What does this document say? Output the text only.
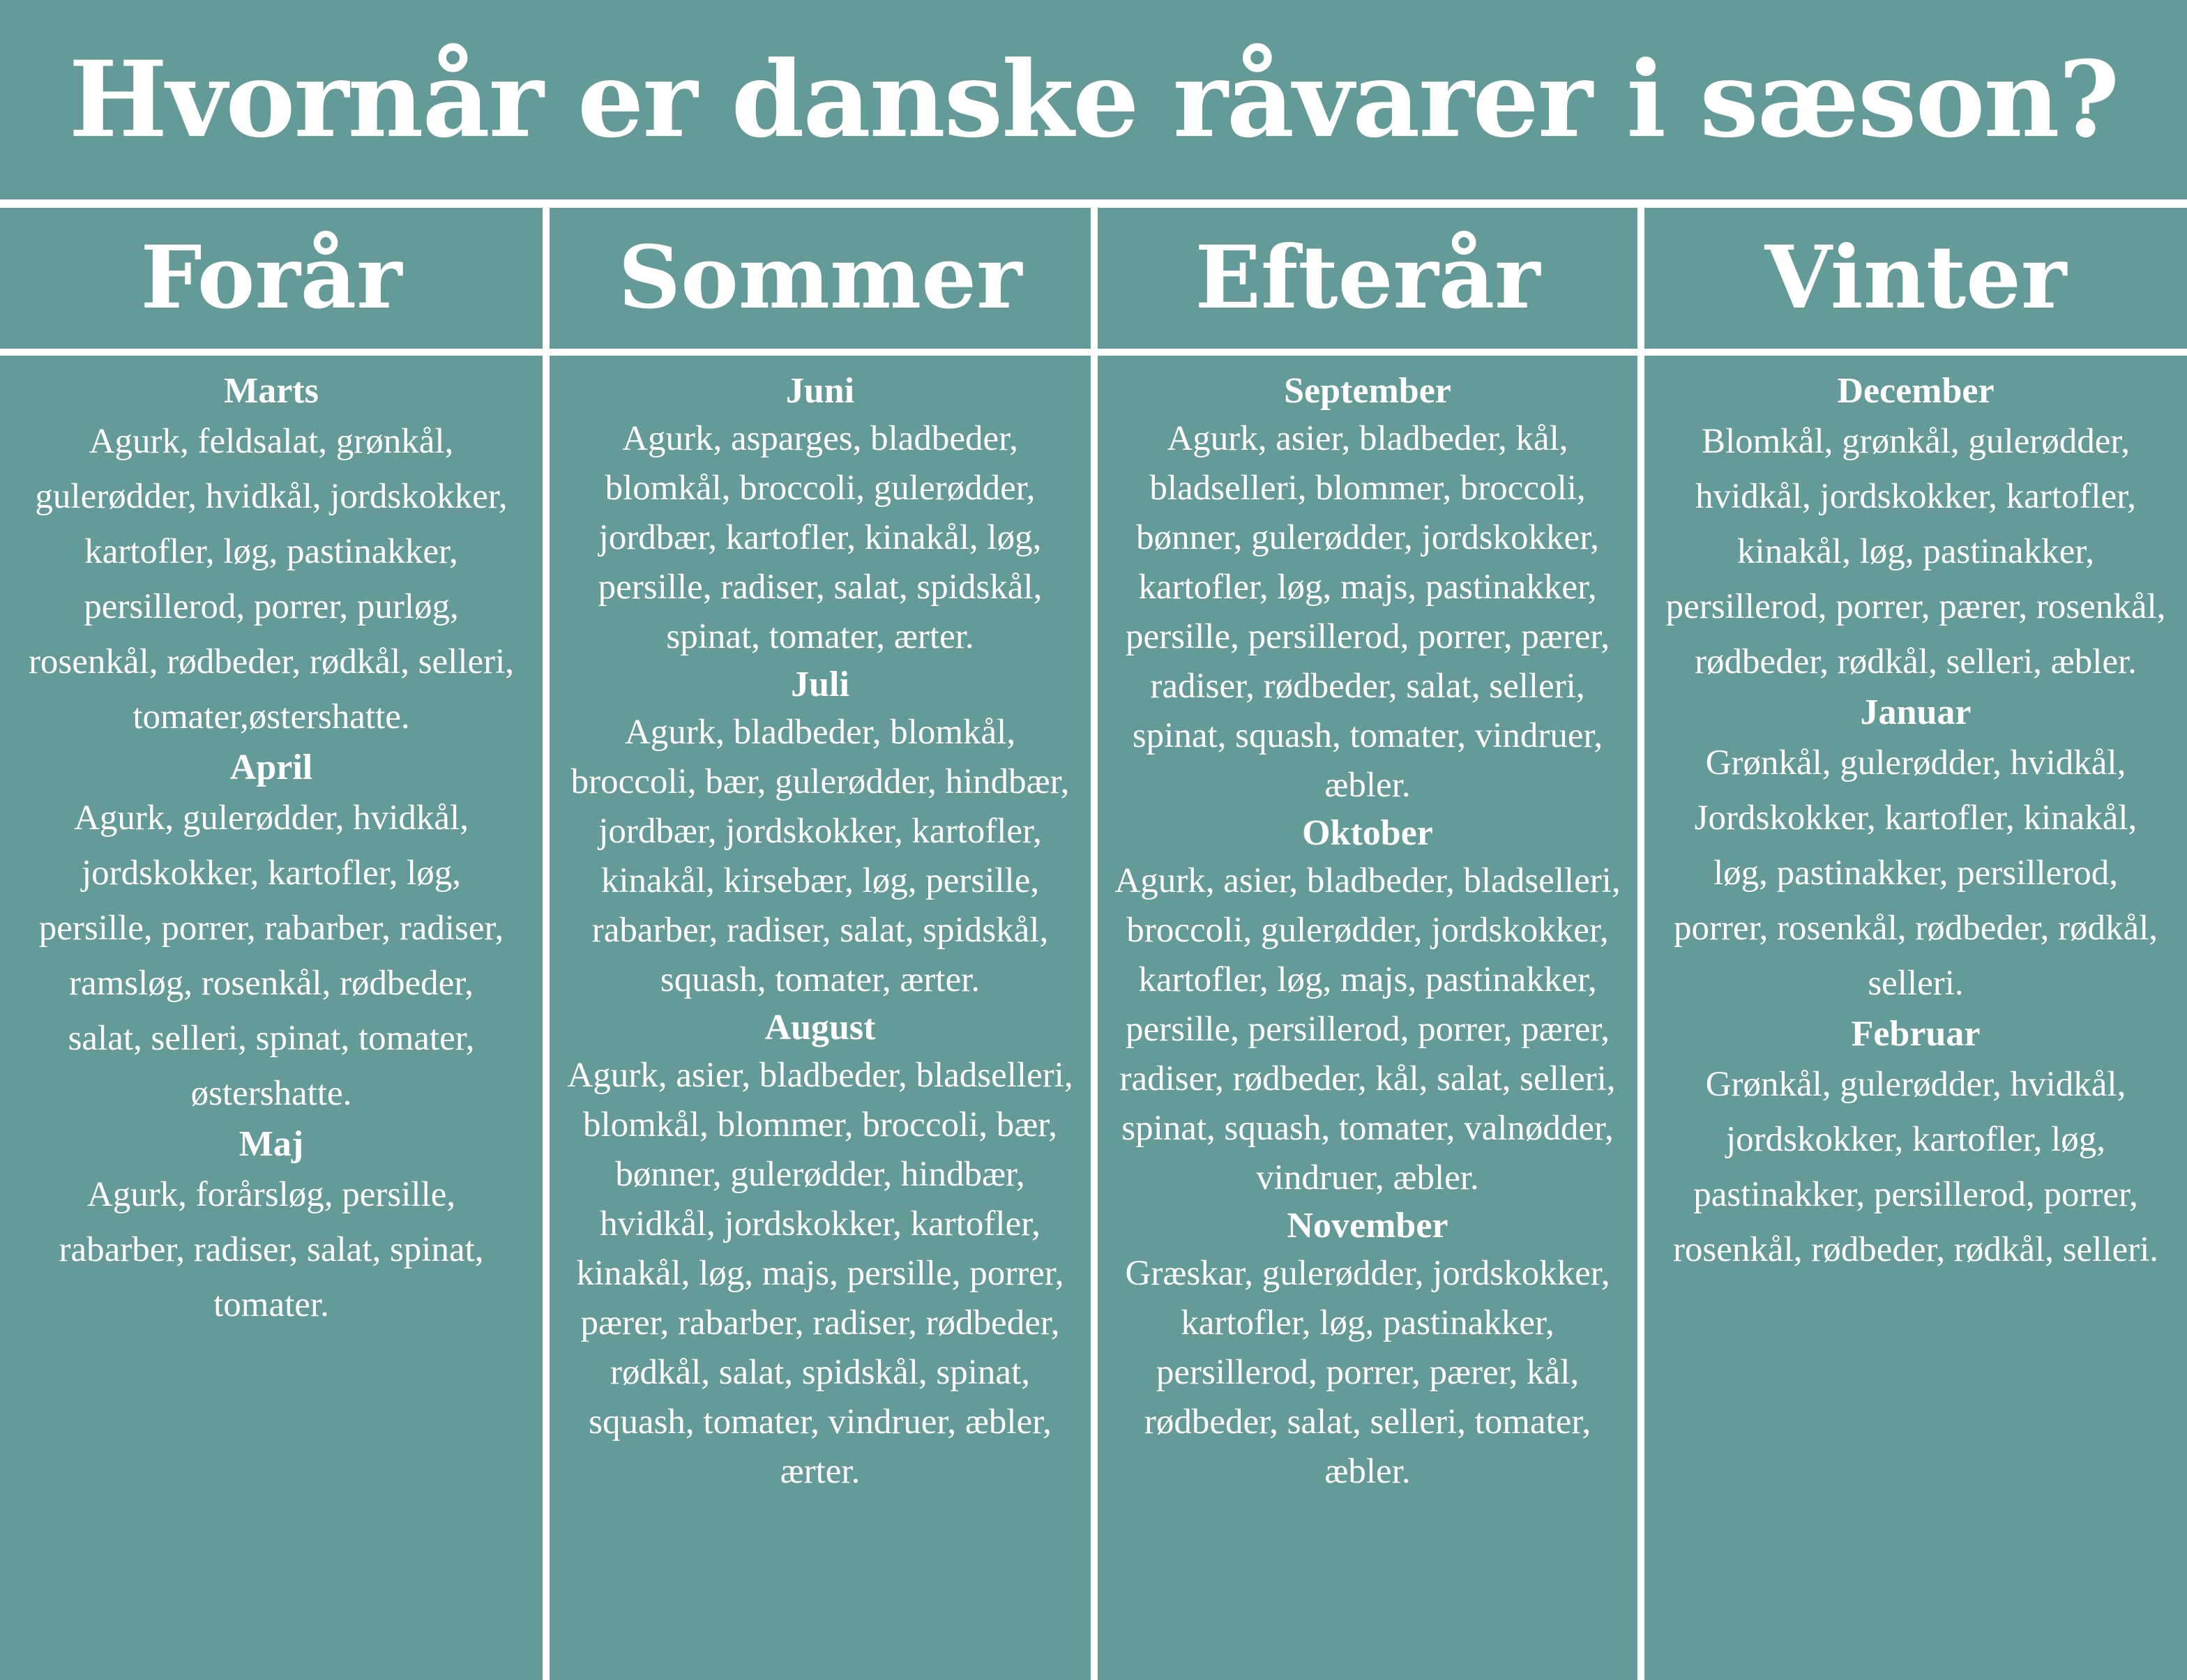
Hvornår er danske råvarer i sæson?
Forår	Sommer Efterår	Vinter
Marts
Agurk, feldsalat, grønkål, gulerødder, hvidkål, jordskokker, kartofler, løg, pastinakker, persillerod, porrer, purløg, rosenkål, rødbeder, rødkål, selleri, tomater,østershatte.
April
Agurk, gulerødder, hvidkål, jordskokker, kartofler, løg, persille, porrer, rabarber, radiser, ramsløg, rosenkål, rødbeder, salat, selleri, spinat, tomater, østershatte.
Maj
Agurk, forårsløg, persille, rabarber, radiser, salat, spinat, tomater.
Juni
Agurk, asparges, bladbeder, blomkål, broccoli, gulerødder, jordbær, kartofler, kinakål, løg, persille, radiser, salat, spidskål, spinat, tomater, ærter.
Juli
Agurk, bladbeder, blomkål, broccoli, bær, gulerødder, hindbær, jordbær, jordskokker, kartofler, kinakål, kirsebær, løg, persille, rabarber, radiser, salat, spidskål, squash, tomater, ærter.
August
Agurk, asier, bladbeder, bladselleri, blomkål, blommer, broccoli, bær, bønner, gulerødder, hindbær, hvidkål, jordskokker, kartofler, kinakål, løg, majs, persille, porrer, pærer, rabarber, radiser, rødbeder, rødkål, salat, spidskål, spinat, squash, tomater, vindruer, æbler, ærter.
September
Agurk, asier, bladbeder, kål, bladselleri, blommer, broccoli, bønner, gulerødder, jordskokker, kartofler, løg, majs, pastinakker, persille, persillerod, porrer, pærer, radiser, rødbeder, salat, selleri, spinat, squash, tomater, vindruer, æbler.
Oktober
Agurk, asier, bladbeder, bladselleri, broccoli, gulerødder, jordskokker, kartofler, løg, majs, pastinakker, persille, persillerod, porrer, pærer, radiser, rødbeder, kål, salat, selleri, spinat, squash, tomater, valnødder, vindruer, æbler.
November
Græskar, gulerødder, jordskokker, kartofler, løg, pastinakker, persillerod, porrer, pærer, kål, rødbeder, salat, selleri, tomater, æbler.
December
Blomkål, grønkål, gulerødder, hvidkål, jordskokker, kartofler, kinakål, løg, pastinakker, persillerod, porrer, pærer, rosenkål, rødbeder, rødkål, selleri, æbler.
Januar
Grønkål, gulerødder, hvidkål, Jordskokker, kartofler, kinakål, løg, pastinakker, persillerod, porrer, rosenkål, rødbeder, rødkål, selleri.
Februar
Grønkål, gulerødder, hvidkål, jordskokker, kartofler, løg, pastinakker, persillerod, porrer, rosenkål, rødbeder, rødkål, selleri.
